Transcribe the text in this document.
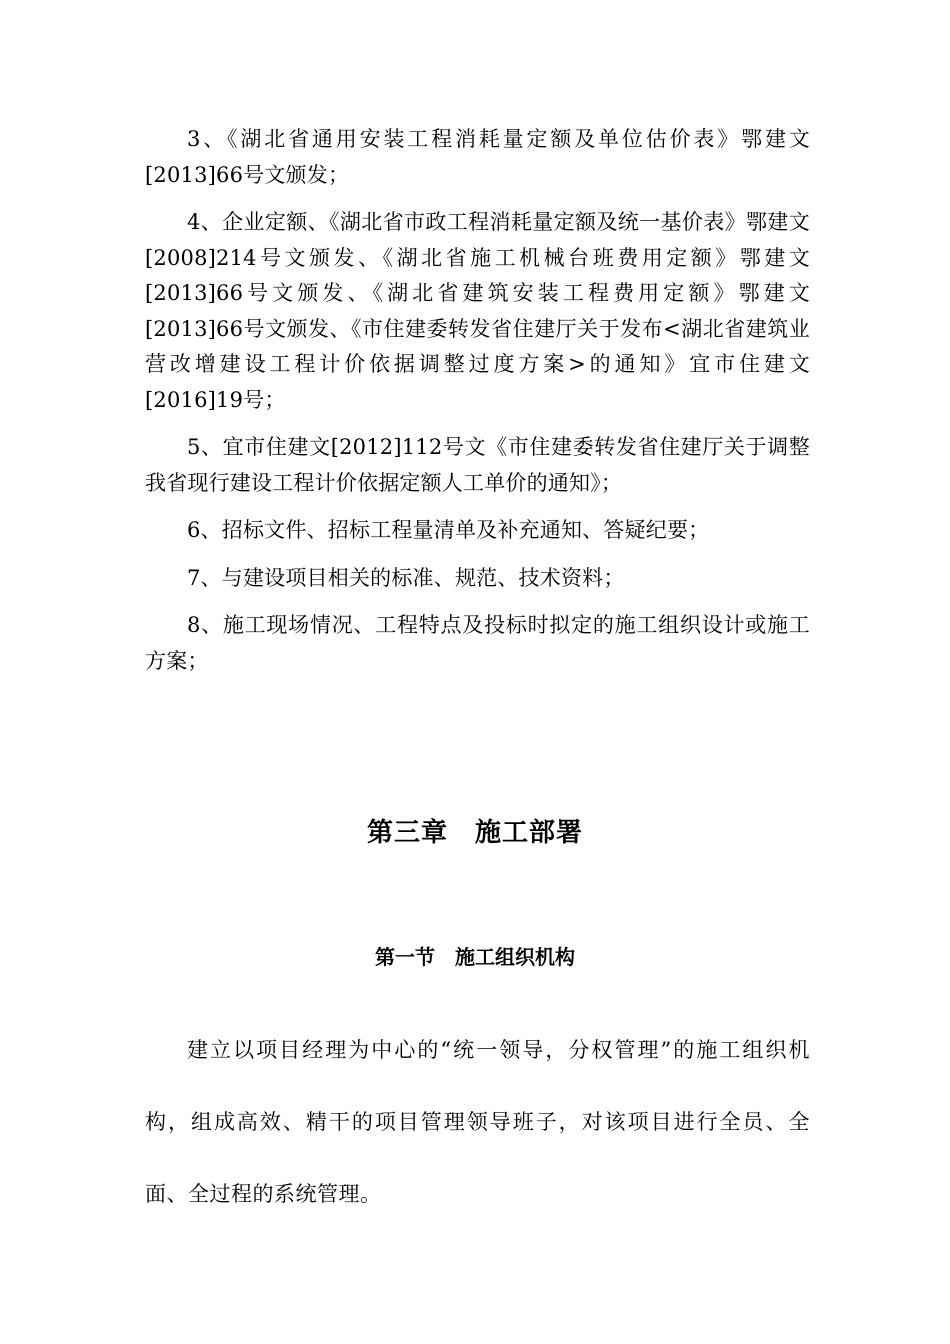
3、《湖北省通用安装工程消耗量定额及单位估价表》鄂建文[2013]66号文颁发；

4、企业定额、《湖北省市政工程消耗量定额及统一基价表》鄂建文[2008]214号文颁发、《湖北省施工机械台班费用定额》鄂建文[2013]66号文颁发、《湖北省建筑安装工程费用定额》鄂建文[2013]66号文颁发、《市住建委转发省住建厅关于发布<湖北省建筑业营改增建设工程计价依据调整过度方案>的通知》宜市住建文[2016]19号；

5、宜市住建文[2012]112号文《市住建委转发省住建厅关于调整我省现行建设工程计价依据定额人工单价的通知》；

6、招标文件、招标工程量清单及补充通知、答疑纪要；

7、与建设项目相关的标准、规范、技术资料；

8、施工现场情况、工程特点及投标时拟定的施工组织设计或施工方案；

第三章　施工部署
第一节　施工组织机构

建立以项目经理为中心的“统一领导，分权管理”的施工组织机构，组成高效、精干的项目管理领导班子，对该项目进行全员、全面、全过程的系统管理。
